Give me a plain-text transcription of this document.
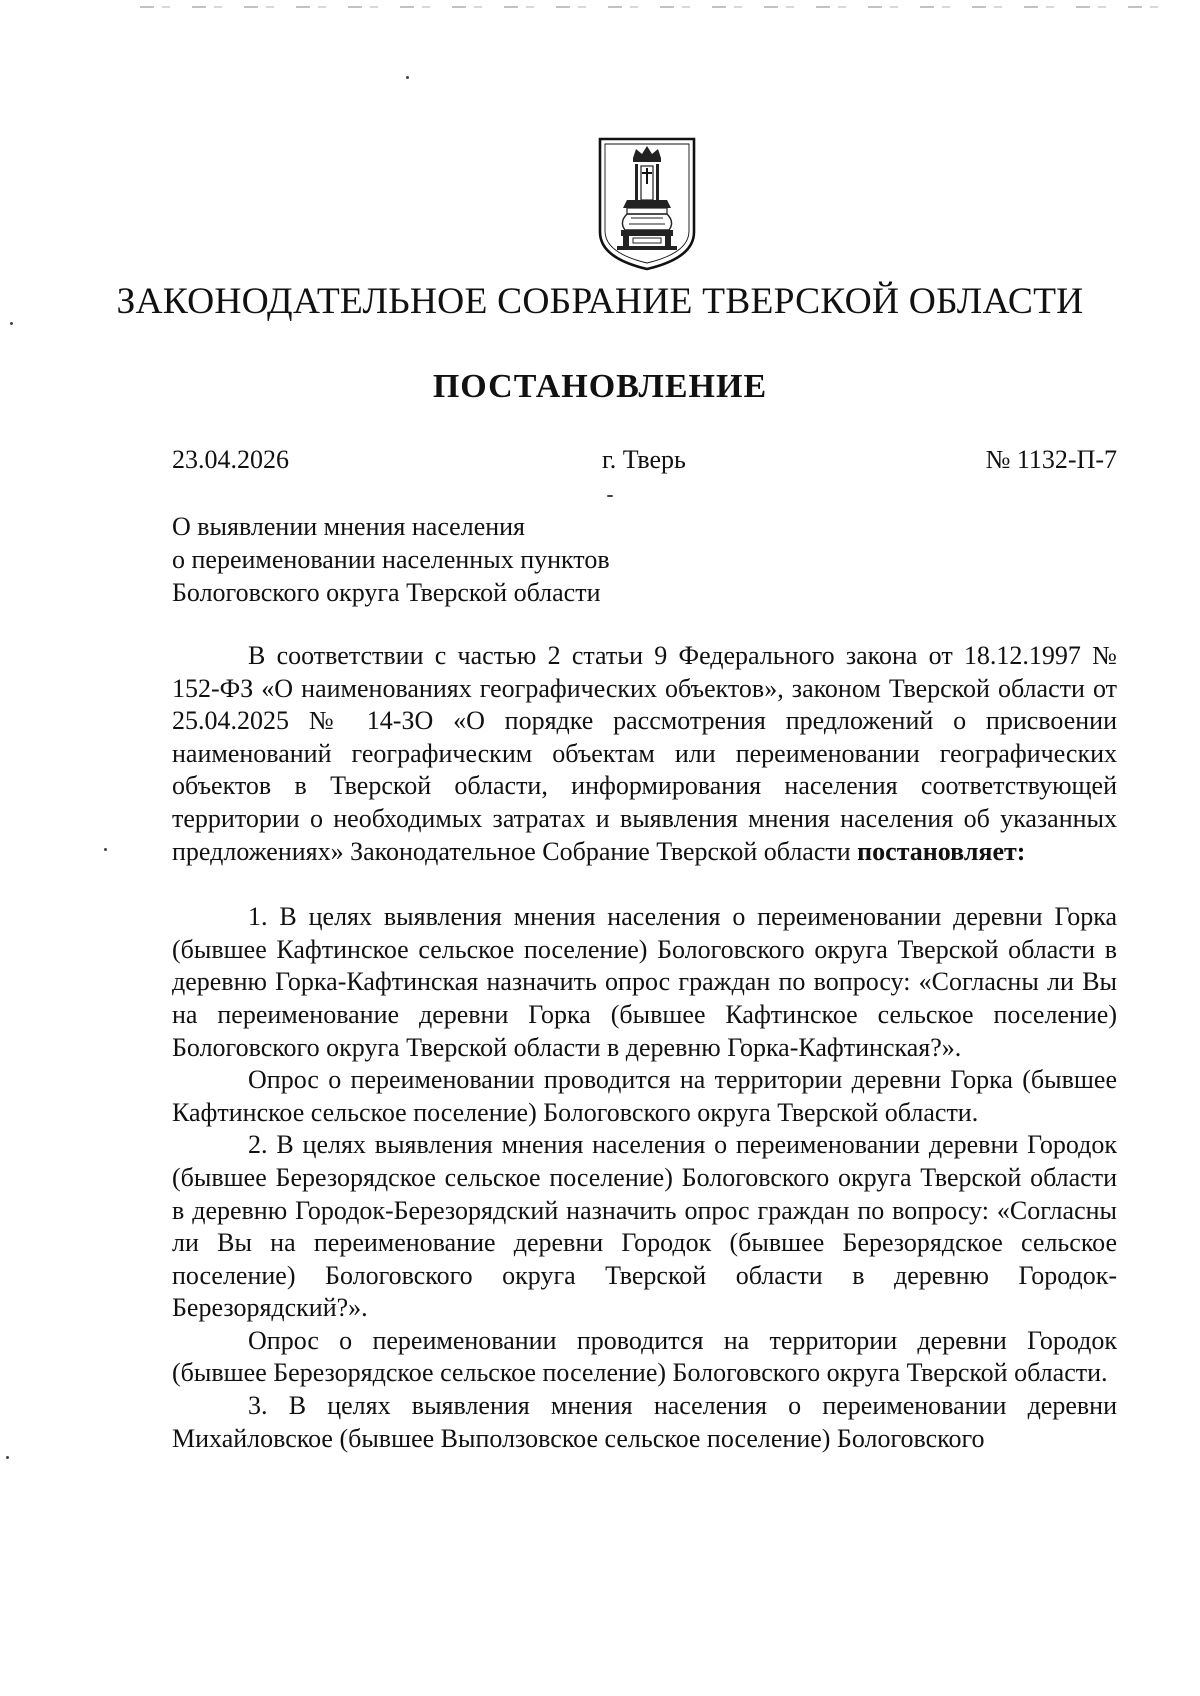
ЗАКОНОДАТЕЛЬНОЕ СОБРАНИЕ ТВЕРСКОЙ ОБЛАСТИ
ПОСТАНОВЛЕНИЕ
23.04.2026	г. Тверь	№ 1132-П-7
О выявлении мнения населения
о переименовании населенных пунктов
Бологовского округа Тверской области

В соответствии с частью 2 статьи 9 Федерального закона от 18.12.1997 № 152-ФЗ «О наименованиях географических объектов», законом Тверской области от 25.04.2025 № 14-ЗО «О порядке рассмотрения предложений о присвоении наименований географическим объектам или переименовании географических объектов в Тверской области, информирования населения соответствующей территории о необходимых затратах и выявления мнения населения об указанных предложениях» Законодательное Собрание Тверской области постановляет:

1. В целях выявления мнения населения о переименовании деревни Горка (бывшее Кафтинское сельское поселение) Бологовского округа Тверской области в деревню Горка-Кафтинская назначить опрос граждан по вопросу: «Согласны ли Вы на переименование деревни Горка (бывшее Кафтинское сельское поселение) Бологовского округа Тверской области в деревню Горка-Кафтинская?».

Опрос о переименовании проводится на территории деревни Горка (бывшее Кафтинское сельское поселение) Бологовского округа Тверской области.

2. В целях выявления мнения населения о переименовании деревни Городок (бывшее Березорядское сельское поселение) Бологовского округа Тверской области в деревню Городок-Березорядский назначить опрос граждан по вопросу: «Согласны ли Вы на переименование деревни Городок (бывшее Березорядское сельское поселение) Бологовского округа Тверской области в деревню Городок-Березорядский?».

Опрос о переименовании проводится на территории деревни Городок (бывшее Березорядское сельское поселение) Бологовского округа Тверской области.

3. В целях выявления мнения населения о переименовании деревни Михайловское (бывшее Выползовское сельское поселение) Бологовского
